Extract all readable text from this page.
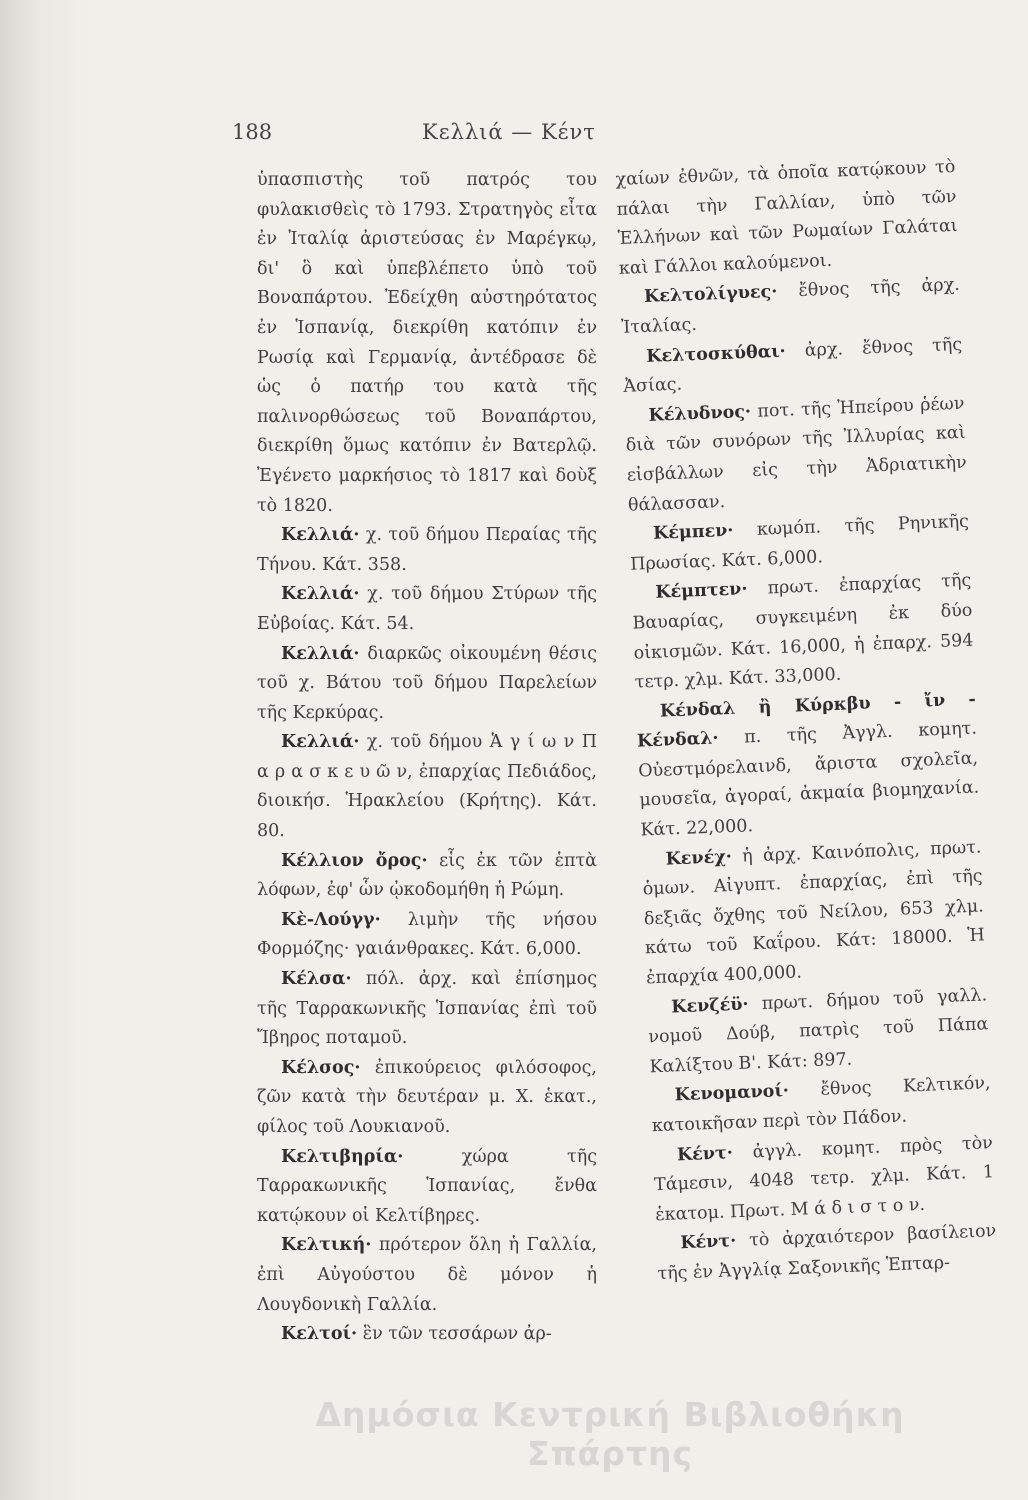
188	Κελλιά — Κέντ

ὑπασπιστὴς τοῦ πατρός του φυλακισθεὶς τὸ 1793. Στρατηγὸς εἶτα ἐν Ἰταλίᾳ ἀριστεύσας ἐν Μαρέγκῳ, δι' ὃ καὶ ὑπεβλέπετο ὑπὸ τοῦ Βοναπάρτου. Ἐδείχθη αὐστηρότατος ἐν Ἱσπανίᾳ, διεκρίθη κατόπιν ἐν Ρωσίᾳ καὶ Γερμανίᾳ, ἀντέδρασε δὲ ὡς ὁ πατήρ του κατὰ τῆς παλινορθώσεως τοῦ Βοναπάρτου, διεκρίθη ὅμως κατόπιν ἐν Βατερλῷ. Ἐγένετο μαρκήσιος τὸ 1817 καὶ δοὺξ τὸ 1820.

Κελλιά· χ. τοῦ δήμου Περαίας τῆς Τήνου. Κάτ. 358.

Κελλιά· χ. τοῦ δήμου Στύρων τῆς Εὐβοίας. Κάτ. 54.

Κελλιά· διαρκῶς οἰκουμένη θέσις τοῦ χ. Βάτου τοῦ δήμου Παρελείων τῆς Κερκύρας.

Κελλιά· χ. τοῦ δήμου Ἁ γ ί ω ν Π α ρ α σ κ ε υ ῶ ν, ἐπαρχίας Πεδιάδος, διοικήσ. Ἡρακλείου (Κρήτης). Κάτ. 80.

Κέλλιον ὄρος· εἷς ἐκ τῶν ἑπτὰ λόφων, ἐφ' ὧν ᾠκοδομήθη ἡ Ρώμη.

Κὲ-Λούγγ· λιμὴν τῆς νήσου Φορμόζης· γαιάνθρακες. Κάτ. 6,000.

Κέλσα· πόλ. ἀρχ. καὶ ἐπίσημος τῆς Ταρρακωνικῆς Ἱσπανίας ἐπὶ τοῦ Ἴβηρος ποταμοῦ.

Κέλσος· ἐπικούρειος φιλόσοφος, ζῶν κατὰ τὴν δευτέραν μ. Χ. ἑκατ., φίλος τοῦ Λουκιανοῦ.

Κελτιβηρία· χώρα τῆς Ταρρακωνικῆς Ἱσπανίας, ἔνθα κατῴκουν οἱ Κελτίβηρες.

Κελτική· πρότερον ὅλη ἡ Γαλλία, ἐπὶ Αὐγούστου δὲ μόνον ἡ Λουγδονικὴ Γαλλία.

Κελτοί· ἓν τῶν τεσσάρων ἀρ-

χαίων ἐθνῶν, τὰ ὁποῖα κατῴκουν τὸ πάλαι τὴν Γαλλίαν, ὑπὸ τῶν Ἑλλήνων καὶ τῶν Ρωμαίων Γαλάται καὶ Γάλλοι καλούμενοι.

Κελτολίγυες· ἔθνος τῆς ἀρχ. Ἰταλίας.

Κελτοσκύθαι· ἀρχ. ἔθνος τῆς Ἀσίας.

Κέλυδνος· ποτ. τῆς Ἠπείρου ῥέων διὰ τῶν συνόρων τῆς Ἰλλυρίας καὶ εἰσβάλλων εἰς τὴν Ἀδριατικὴν θάλασσαν.

Κέμπεν· κωμόπ. τῆς Ρηνικῆς Πρωσίας. Κάτ. 6,000.

Κέμπτεν· πρωτ. ἐπαρχίας τῆς Βαυαρίας, συγκειμένη ἐκ δύο οἰκισμῶν. Κάτ. 16,000, ἡ ἐπαρχ. 594 τετρ. χλμ. Κάτ. 33,000.

Κένδαλ ἢ Κύρκβυ - ἴν - Κένδαλ· π. τῆς Ἀγγλ. κομητ. Οὐεστμόρελαινδ, ἄριστα σχολεῖα, μουσεῖα, ἀγοραί, ἀκμαία βιομηχανία. Κάτ. 22,000.

Κενέχ· ἡ ἀρχ. Καινόπολις, πρωτ. ὁμων. Αἰγυπτ. ἐπαρχίας, ἐπὶ τῆς δεξιᾶς ὄχθης τοῦ Νείλου, 653 χλμ. κάτω τοῦ Καΐρου. Κάτ: 18000. Ἡ ἐπαρχία 400,000.

Κενζέϋ· πρωτ. δήμου τοῦ γαλλ. νομοῦ Δούβ, πατρὶς τοῦ Πάπα Καλίξτου Β'. Κάτ: 897.

Κενομανοί· ἔθνος Κελτικόν, κατοικῆσαν περὶ τὸν Πάδον.

Κέντ· ἀγγλ. κομητ. πρὸς τὸν Τάμεσιν, 4048 τετρ. χλμ. Κάτ. 1 ἑκατομ. Πρωτ. Μ ά δ ι σ τ ο ν.

Κέντ· τὸ ἀρχαιότερον βασίλειον τῆς ἐν Ἀγγλίᾳ Σαξονικῆς Ἑπταρ-

Δημόσια Κεντρική Βιβλιοθήκη Σπάρτης
